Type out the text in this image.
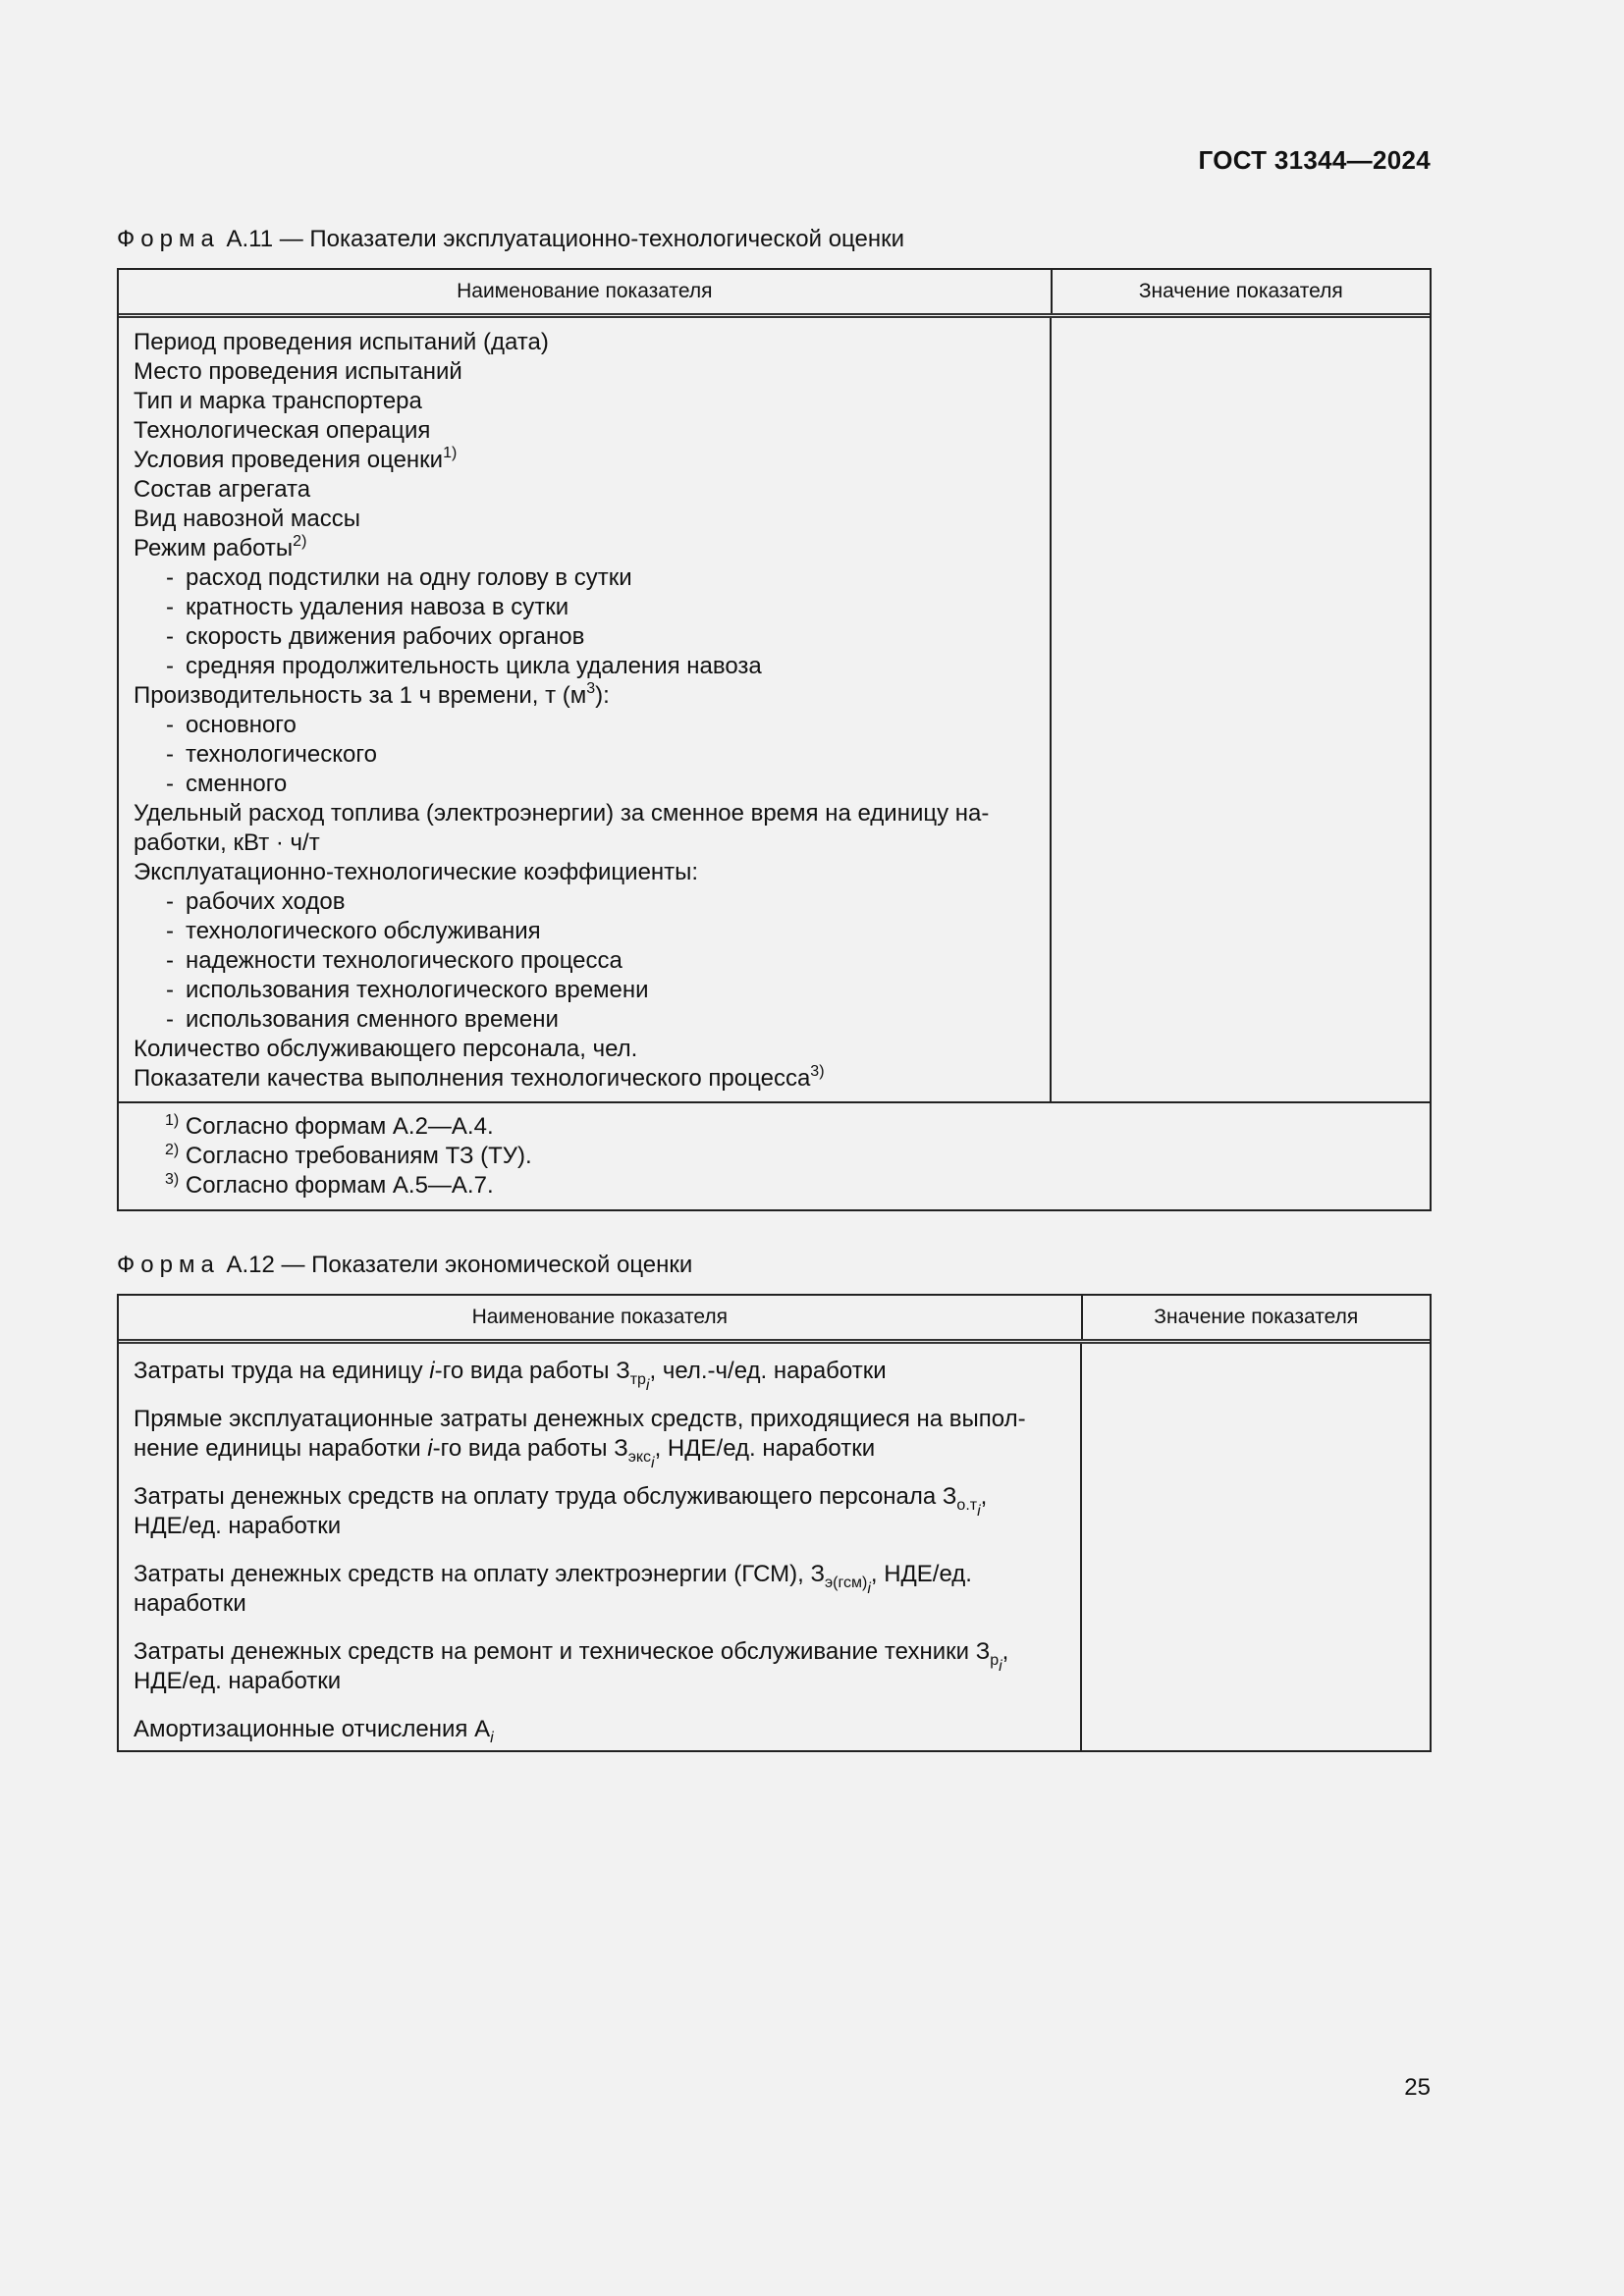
ГОСТ 31344—2024
Форма А.11 — Показатели эксплуатационно-технологической оценки
Наименование показателя	Значение показателя
Период проведения испытаний (дата)
Место проведения испытаний
Тип и марка транспортера
Технологическая операция
Условия проведения оценки$^{1)}$
Состав агрегата
Вид навозной массы
Режим работы$^{2)}$
- расход подстилки на одну голову в сутки
- кратность удаления навоза в сутки
- скорость движения рабочих органов
- средняя продолжительность цикла удаления навоза
Производительность за 1 ч времени, т $(м^3)$:
- основного
- технологического
- сменного
Удельный расход топлива (электроэнергии) за сменное время на единицу на-
работки, кВт · ч/т
Эксплуатационно-технологические коэффициенты:
- рабочих ходов
- технологического обслуживания
- надежности технологического процесса
- использования технологического времени
- использования сменного времени
Количество обслуживающего персонала, чел.
Показатели качества выполнения технологического процесса$^{3)}$
$^{1)}$ Согласно формам А.2—А.4.
$^{2)}$ Согласно требованиям ТЗ (ТУ).
$^{3)}$ Согласно формам А.5—А.7.
Форма А.12 — Показатели экономической оценки
Наименование показателя	Значение показателя
Затраты труда на единицу i-го вида работы $З_{тр_i}$, чел.-ч/ед. наработки
Прямые эксплуатационные затраты денежных средств, приходящиеся на выпол-
нение единицы наработки i-го вида работы $З_{экс_i}$, НДЕ/ед. наработки
Затраты денежных средств на оплату труда обслуживающего персонала $З_{о.т_i}$,
НДЕ/ед. наработки
Затраты денежных средств на оплату электроэнергии (ГСМ), $З_{э(гсм)_i}$, НДЕ/ед.
наработки
Затраты денежных средств на ремонт и техническое обслуживание техники $З_{р_i}$,
НДЕ/ед. наработки
Амортизационные отчисления $А_i$
25
